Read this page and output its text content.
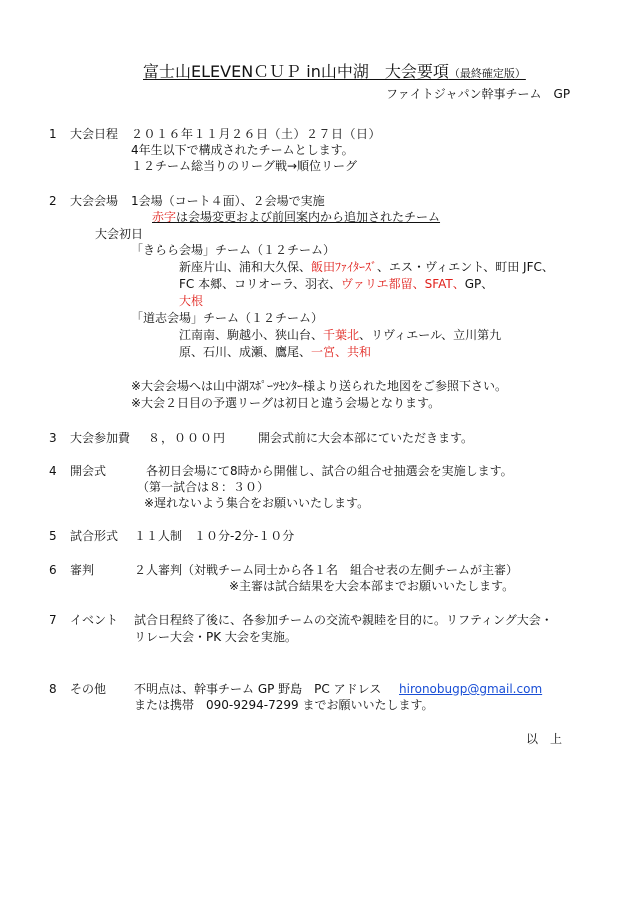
富士山ELEVENＣＵＰ in山中湖　大会要項（最終確定版）
ファイトジャパン幹事チーム　GP
1 大会日程 ２０１６年１１月２６日（土）２７日（日）
4年生以下で構成されたチームとします。
１２チーム総当りのリーグ戦→順位リーグ
2 大会会場 1会場（コート４面）、２会場で実施
赤字は会場変更および前回案内から追加されたチーム
大会初日
「きらら会場」チーム（１２チーム）
新座片山、浦和大久保、飯田ﾌｧｲﾀｰｽﾞ、エス・ヴィエント、町田 JFC、
FC 本郷、コリオーラ、羽衣、ヴァリエ都留、SFAT、GP、
大根
「道志会場」チーム（１２チーム）
江南南、駒越小、狭山台、千葉北、リヴィエール、立川第九
原、石川、成瀬、鷹尾、一宮、共和
※大会会場へは山中湖ｽﾎﾟｰﾂｾﾝﾀｰ様より送られた地図をご参照下さい。
※大会２日目の予選リーグは初日と違う会場となります。
3 大会参加費 ８，０００円	開会式前に大会本部にていただきます。
4 開会式	各初日会場にて8時から開催し、試合の組合せ抽選会を実施します。
（第一試合は８：３０）
※遅れないよう集合をお願いいたします。
5 試合形式 １１人制　１０分-2分-１０分
6 審判	２人審判（対戦チーム同士から各１名　組合せ表の左側チームが主審）
※主審は試合結果を大会本部までお願いいたします。
7 イベント 試合日程終了後に、各参加チームの交流や親睦を目的に。リフティング大会・
リレー大会・PK 大会を実施。
8 その他 不明点は、幹事チーム GP 野島　PC アドレス hironobugp@gmail.com
または携帯　090-9294-7299 までお願いいたします。
以　上
